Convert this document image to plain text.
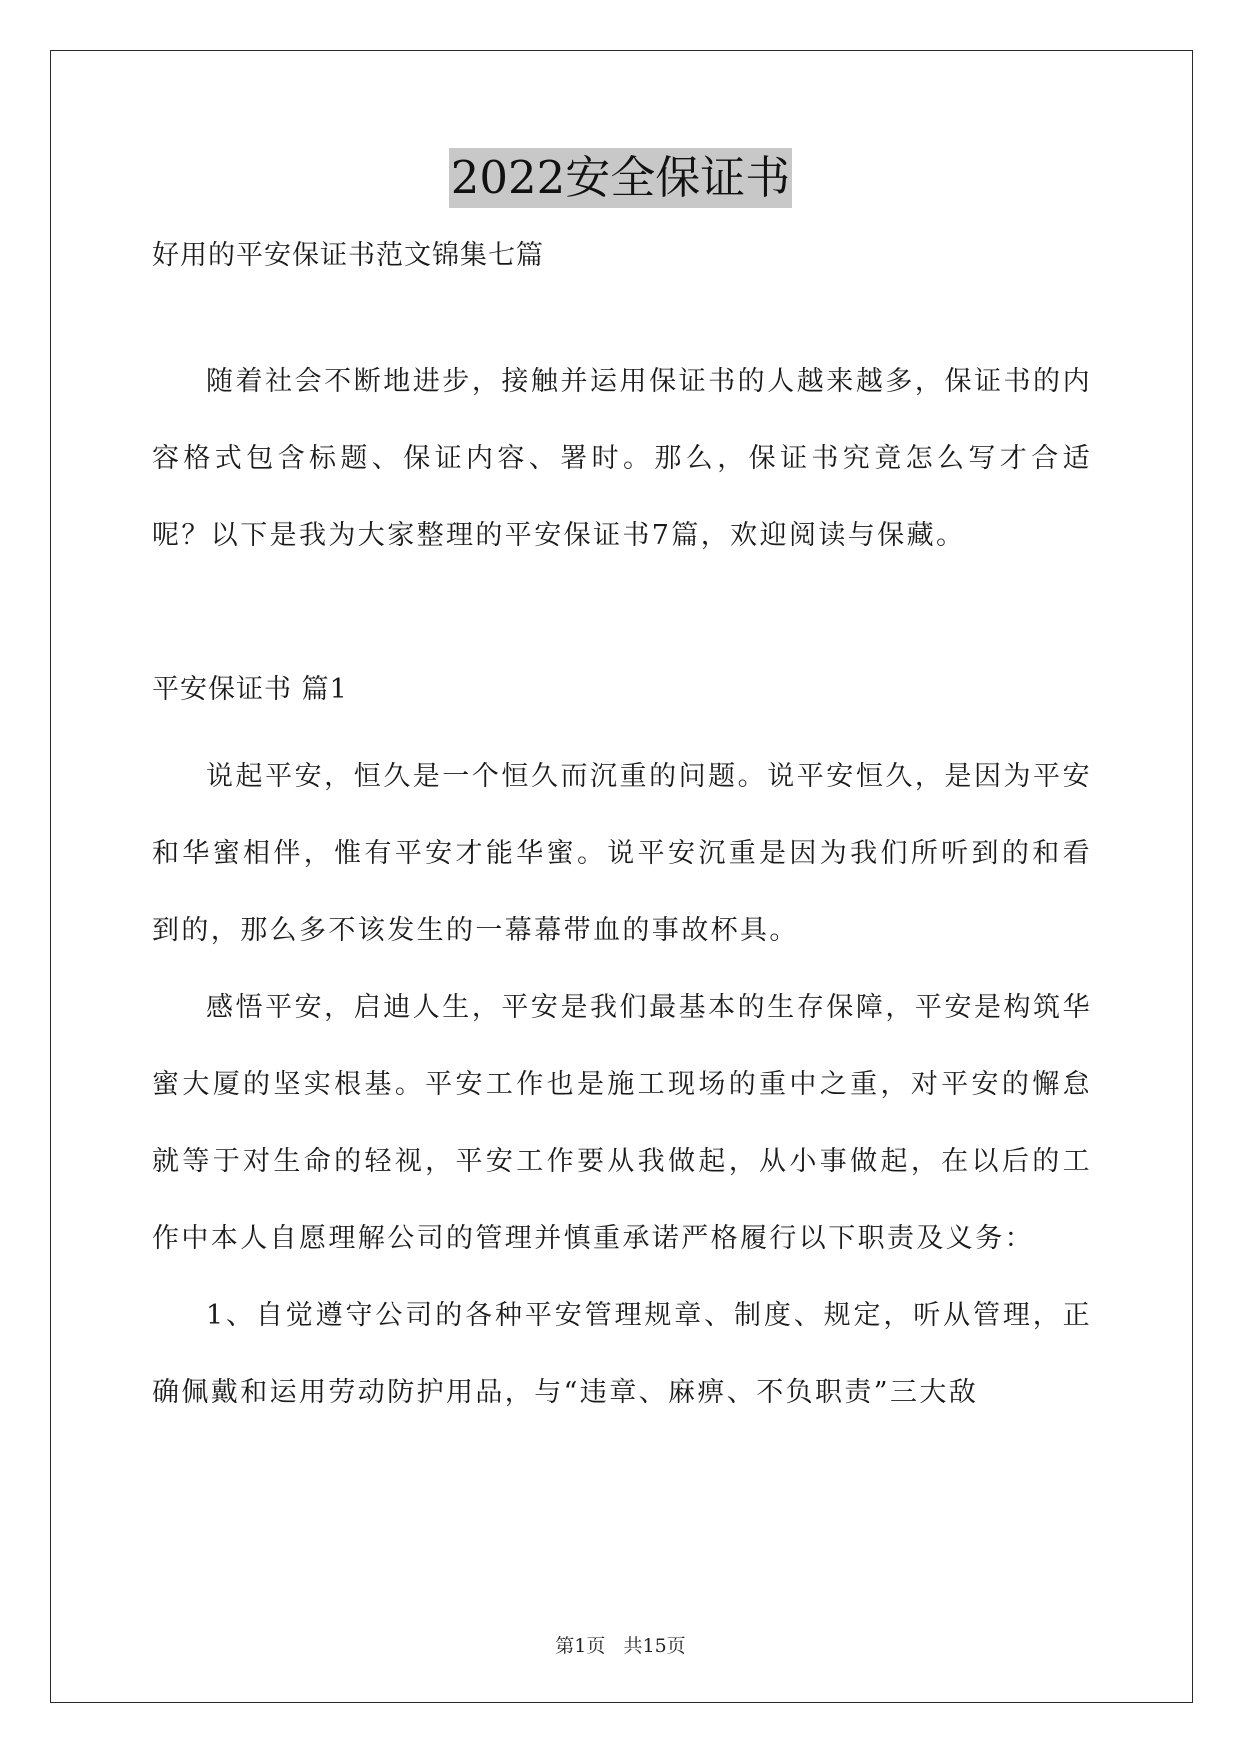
2022安全保证书
好用的平安保证书范文锦集七篇

随着社会不断地进步，接触并运用保证书的人越来越多，保证书的内容格式包含标题、保证内容、署时。那么，保证书究竟怎么写才合适呢？以下是我为大家整理的平安保证书7篇，欢迎阅读与保藏。

平安保证书 篇1

说起平安，恒久是一个恒久而沉重的问题。说平安恒久，是因为平安和华蜜相伴，惟有平安才能华蜜。说平安沉重是因为我们所听到的和看到的，那么多不该发生的一幕幕带血的事故杯具。

感悟平安，启迪人生，平安是我们最基本的生存保障，平安是构筑华蜜大厦的坚实根基。平安工作也是施工现场的重中之重，对平安的懈怠就等于对生命的轻视，平安工作要从我做起，从小事做起，在以后的工作中本人自愿理解公司的管理并慎重承诺严格履行以下职责及义务：

1、自觉遵守公司的各种平安管理规章、制度、规定，听从管理，正确佩戴和运用劳动防护用品，与“违章、麻痹、不负职责”三大敌

第1页   共15页
